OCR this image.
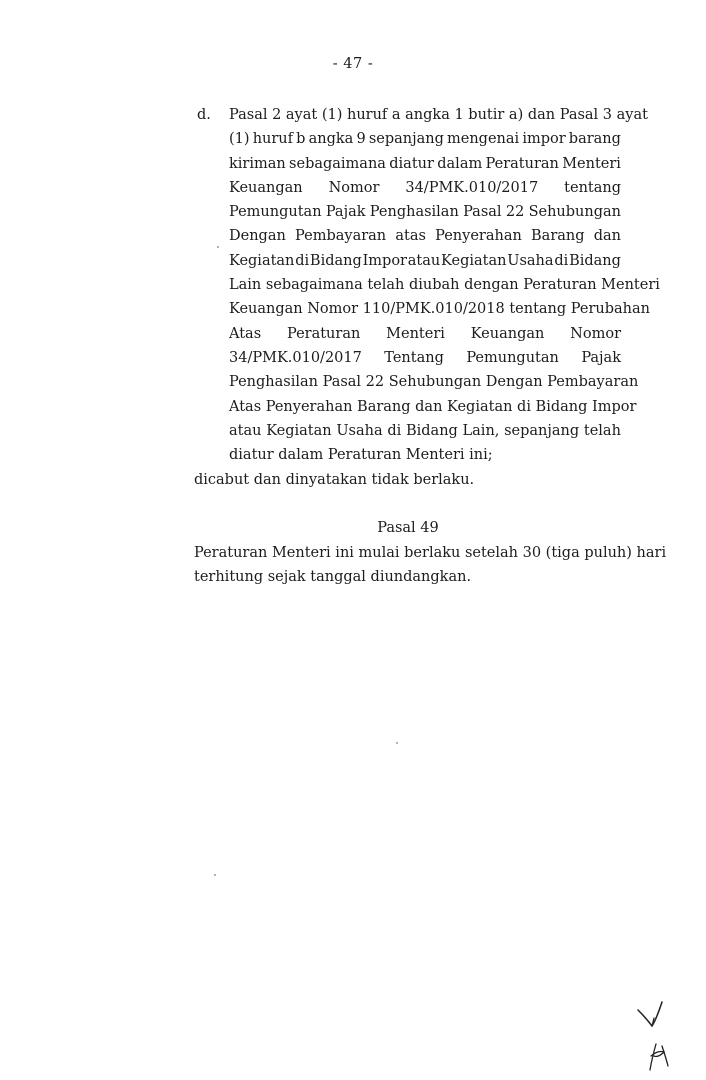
- 47 -
d. Pasal 2 ayat (1) huruf a angka 1 butir a) dan Pasal 3 ayat
(1) huruf b angka 9 sepanjang mengenai impor barang
kiriman sebagaimana diatur dalam Peraturan Menteri
Keuangan Nomor 34/PMK.010/2017 tentang
Pemungutan Pajak Penghasilan Pasal 22 Sehubungan
Dengan Pembayaran atas Penyerahan Barang dan
Kegiatan di Bidang Impor atau Kegiatan Usaha di Bidang
Lain sebagaimana telah diubah dengan Peraturan Menteri
Keuangan Nomor 110/PMK.010/2018 tentang Perubahan
Atas Peraturan Menteri Keuangan Nomor
34/PMK.010/2017 Tentang Pemungutan Pajak
Penghasilan Pasal 22 Sehubungan Dengan Pembayaran
Atas Penyerahan Barang dan Kegiatan di Bidang Impor
atau Kegiatan Usaha di Bidang Lain, sepanjang telah
diatur dalam Peraturan Menteri ini;
dicabut dan dinyatakan tidak berlaku.
Pasal 49
Peraturan Menteri ini mulai berlaku setelah 30 (tiga puluh) hari
terhitung sejak tanggal diundangkan.
